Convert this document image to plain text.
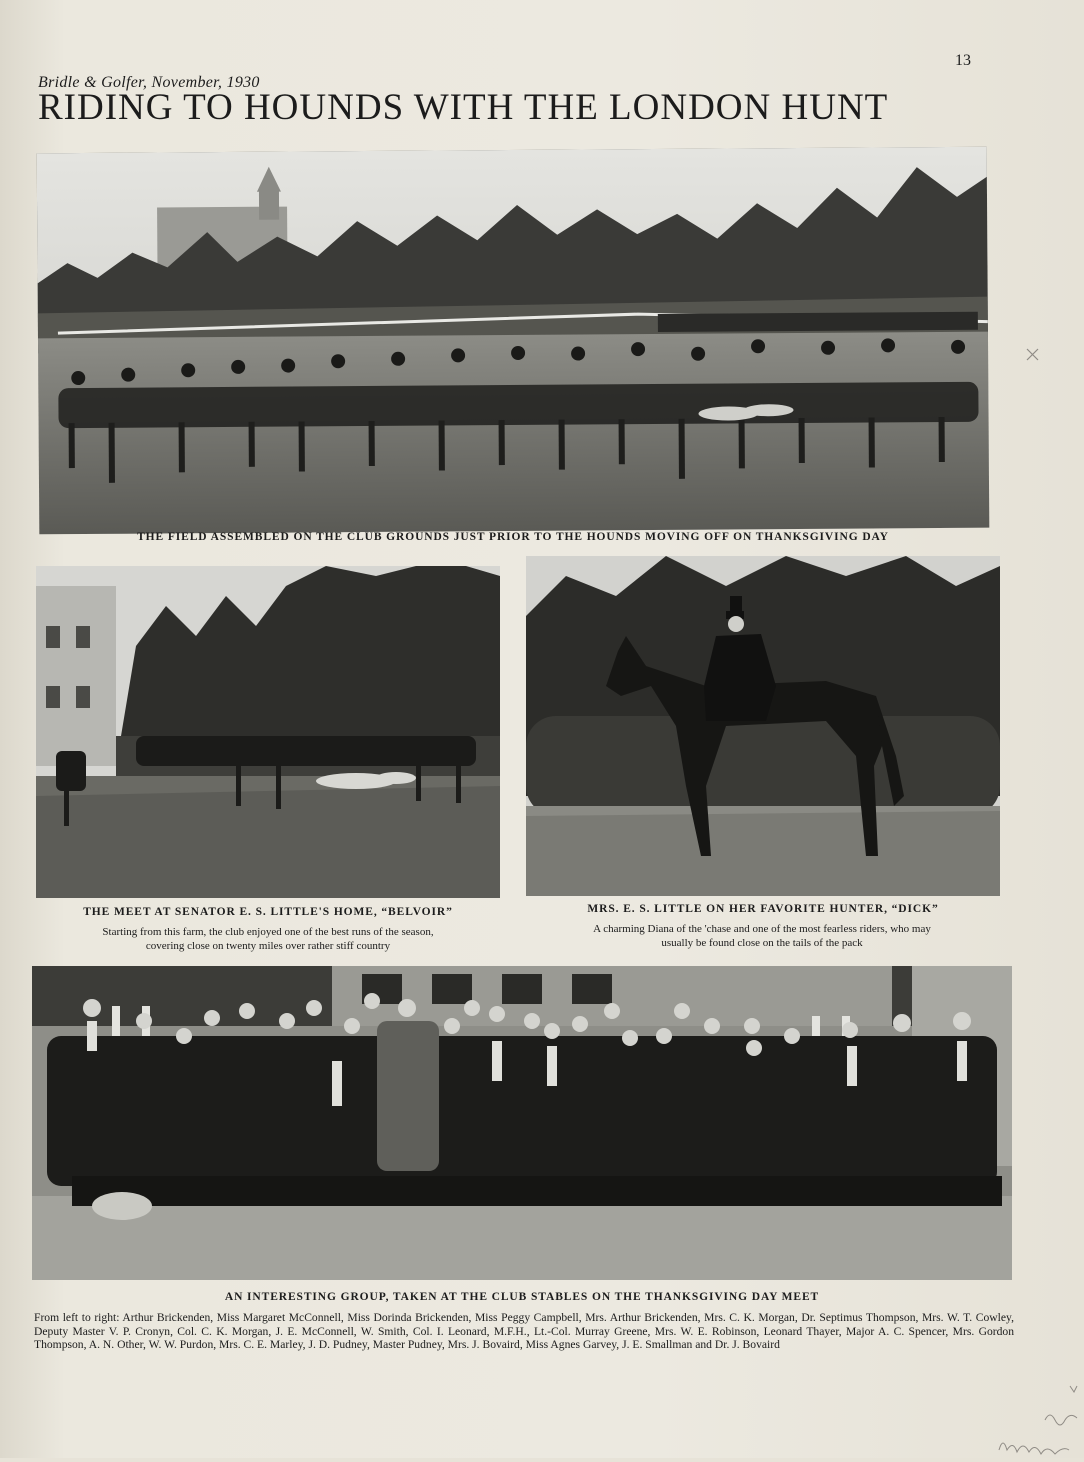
Bridle & Golfer, November, 1930
13
RIDING TO HOUNDS WITH THE LONDON HUNT
THE FIELD ASSEMBLED ON THE CLUB GROUNDS JUST PRIOR TO THE HOUNDS MOVING OFF ON THANKSGIVING DAY
THE MEET AT SENATOR E. S. LITTLE'S HOME, “BELVOIR”
Starting from this farm, the club enjoyed one of the best runs of the season,
covering close on twenty miles over rather stiff country
MRS. E. S. LITTLE ON HER FAVORITE HUNTER, “DICK”
A charming Diana of the 'chase and one of the most fearless riders, who may
usually be found close on the tails of the pack
AN INTERESTING GROUP, TAKEN AT THE CLUB STABLES ON THE THANKSGIVING DAY MEET

From left to right: Arthur Brickenden, Miss Margaret McConnell, Miss Dorinda Brickenden, Miss Peggy Campbell, Mrs. Arthur Brickenden, Mrs. C. K. Morgan, Dr. Septimus Thompson, Mrs. W. T. Cowley, Deputy Master V. P. Cronyn, Col. C. K. Morgan, J. E. McConnell, W. Smith, Col. I. Leonard, M.F.H., Lt.-Col. Murray Greene, Mrs. W. E. Robinson, Leonard Thayer, Major A. C. Spencer, Mrs. Gordon Thompson, A. N. Other, W. W. Purdon, Mrs. C. E. Marley, J. D. Pudney, Master Pudney, Mrs. J. Bovaird, Miss Agnes Garvey, J. E. Smallman and Dr. J. Bovaird
